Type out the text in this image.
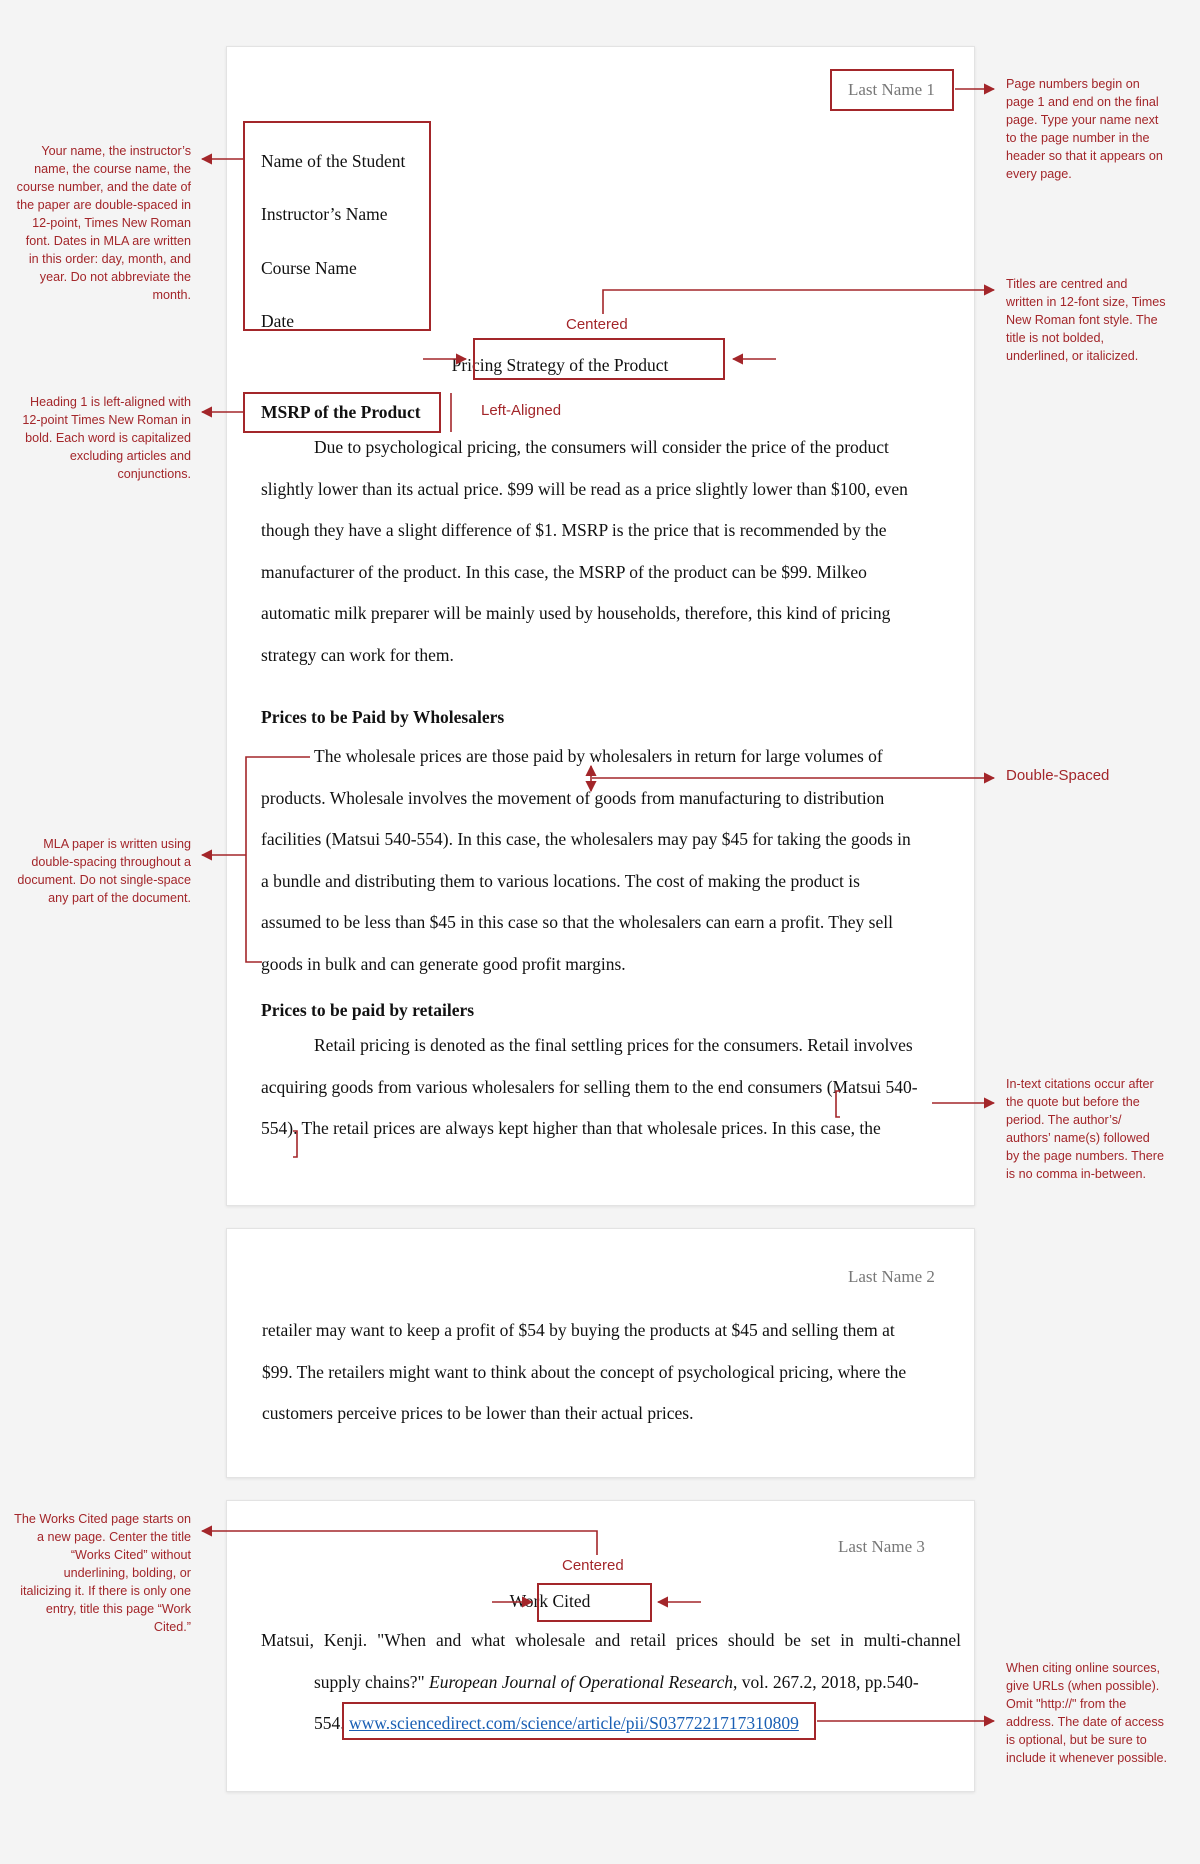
Last Name 1
Name of the Student
Instructor’s Name
Course Name
Date
Pricing Strategy of the Product
MSRP of the Product
Due to psychological pricing, the consumers will consider the price of the product
slightly lower than its actual price. $99 will be read as a price slightly lower than $100, even
though they have a slight difference of $1. MSRP is the price that is recommended by the
manufacturer of the product. In this case, the MSRP of the product can be $99. Milkeo
automatic milk preparer will be mainly used by households, therefore, this kind of pricing
strategy can work for them.
Prices to be Paid by Wholesalers
The wholesale prices are those paid by wholesalers in return for large volumes of
products. Wholesale involves the movement of goods from manufacturing to distribution
facilities (Matsui 540-554). In this case, the wholesalers may pay $45 for taking the goods in
a bundle and distributing them to various locations. The cost of making the product is
assumed to be less than $45 in this case so that the wholesalers can earn a profit. They sell
goods in bulk and can generate good profit margins.
Prices to be paid by retailers
Retail pricing is denoted as the final settling prices for the consumers. Retail involves
acquiring goods from various wholesalers for selling them to the end consumers (Matsui 540-
554). The retail prices are always kept higher than that wholesale prices. In this case, the
Last Name 2
retailer may want to keep a profit of $54 by buying the products at $45 and selling them at
$99. The retailers might want to think about the concept of psychological pricing, where the
customers perceive prices to be lower than their actual prices.
Last Name 3
Work Cited
Matsui, Kenji. "When and what wholesale and retail prices should be set in multi-channel
supply chains?" European Journal of Operational Research, vol. 267.2, 2018, pp.540-
554. www.sciencedirect.com/science/article/pii/S0377221717310809
Centered
Left-Aligned
Double-Spaced
Centered
Page numbers begin on page 1 and end on the final page. Type your name next to the page number in the header so that it appears on every page.
Your name, the instructor’s name, the course name, the course number, and the date of the paper are double-spaced in 12-point, Times New Roman font. Dates in MLA are written in this order: day, month, and year. Do not abbreviate the month.
Titles are centred and written in 12-font size, Times New Roman font style. The title is not bolded, underlined, or italicized.
Heading 1 is left-aligned with 12-point Times New Roman in bold. Each word is capitalized excluding articles and conjunctions.
MLA paper is written using double-spacing throughout a document. Do not single-space any part of the document.
In-text citations occur after the quote but before the period. The author’s/ authors’ name(s) followed by the page numbers. There is no comma in-between.
The Works Cited page starts on a new page. Center the title “Works Cited” without underlining, bolding, or italicizing it. If there is only one entry, title this page “Work Cited.”
When citing online sources, give URLs (when possible). Omit "http://" from the address. The date of access is optional, but be sure to include it whenever possible.
